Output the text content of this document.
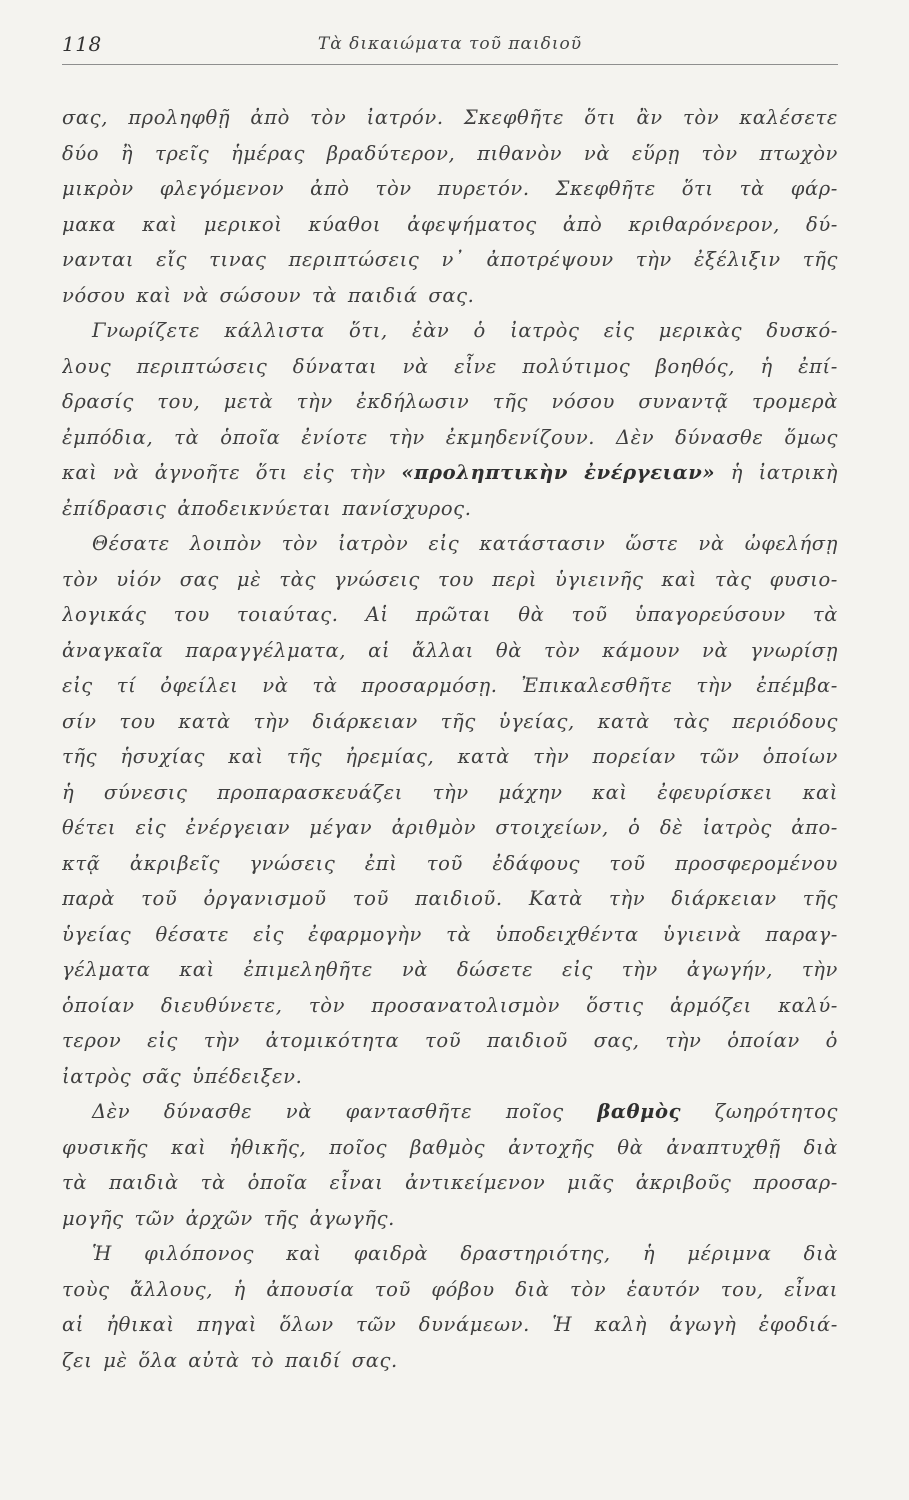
118	Τὰ δικαιώματα τοῦ παιδιοῦ
σας, προληφθῇ ἀπὸ τὸν ἰατρόν. Σκεφθῆτε ὅτι ἂν τὸν καλέσετε
δύο ἢ τρεῖς ἡμέρας βραδύτερον, πιθανὸν νὰ εὕρῃ τὸν πτωχὸν
μικρὸν φλεγόμενον ἀπὸ τὸν πυρετόν. Σκεφθῆτε ὅτι τὰ φάρ-
μακα καὶ μερικοὶ κύαθοι ἀφεψήματος ἀπὸ κριθαρόνερον, δύ-
νανται εἴς τινας περιπτώσεις ν᾿ ἀποτρέψουν τὴν ἐξέλιξιν τῆς
νόσου καὶ νὰ σώσουν τὰ παιδιά σας.
Γνωρίζετε κάλλιστα ὅτι, ἐὰν ὁ ἰατρὸς εἰς μερικὰς δυσκό-
λους περιπτώσεις δύναται νὰ εἶνε πολύτιμος βοηθός, ἡ ἐπί-
δρασίς του, μετὰ τὴν ἐκδήλωσιν τῆς νόσου συναντᾷ τρομερὰ
ἐμπόδια, τὰ ὁποῖα ἐνίοτε τὴν ἐκμηδενίζουν. Δὲν δύνασθε ὅμως
καὶ νὰ ἀγνοῆτε ὅτι εἰς τὴν «προληπτικὴν ἐνέργειαν» ἡ ἰατρικὴ
ἐπίδρασις ἀποδεικνύεται πανίσχυρος.
Θέσατε λοιπὸν τὸν ἰατρὸν εἰς κατάστασιν ὥστε νὰ ὠφελήσῃ
τὸν υἱόν σας μὲ τὰς γνώσεις του περὶ ὑγιεινῆς καὶ τὰς φυσιο-
λογικάς του τοιαύτας. Αἱ πρῶται θὰ τοῦ ὑπαγορεύσουν τὰ
ἀναγκαῖα παραγγέλματα, αἱ ἄλλαι θὰ τὸν κάμουν νὰ γνωρίσῃ
εἰς τί ὀφείλει νὰ τὰ προσαρμόσῃ. Ἐπικαλεσθῆτε τὴν ἐπέμβα-
σίν του κατὰ τὴν διάρκειαν τῆς ὑγείας, κατὰ τὰς περιόδους
τῆς ἡσυχίας καὶ τῆς ἠρεμίας, κατὰ τὴν πορείαν τῶν ὁποίων
ἡ σύνεσις προπαρασκευάζει τὴν μάχην καὶ ἐφευρίσκει καὶ
θέτει εἰς ἐνέργειαν μέγαν ἀριθμὸν στοιχείων, ὁ δὲ ἰατρὸς ἀπο-
κτᾷ ἀκριβεῖς γνώσεις ἐπὶ τοῦ ἐδάφους τοῦ προσφερομένου
παρὰ τοῦ ὀργανισμοῦ τοῦ παιδιοῦ. Κατὰ τὴν διάρκειαν τῆς
ὑγείας θέσατε εἰς ἐφαρμογὴν τὰ ὑποδειχθέντα ὑγιεινὰ παραγ-
γέλματα καὶ ἐπιμεληθῆτε νὰ δώσετε εἰς τὴν ἀγωγήν, τὴν
ὁποίαν διευθύνετε, τὸν προσανατολισμὸν ὅστις ἁρμόζει καλύ-
τερον εἰς τὴν ἀτομικότητα τοῦ παιδιοῦ σας, τὴν ὁποίαν ὁ
ἰατρὸς σᾶς ὑπέδειξεν.
Δὲν δύνασθε νὰ φαντασθῆτε ποῖος βαθμὸς ζωηρότητος
φυσικῆς καὶ ἠθικῆς, ποῖος βαθμὸς ἀντοχῆς θὰ ἀναπτυχθῇ διὰ
τὰ παιδιὰ τὰ ὁποῖα εἶναι ἀντικείμενον μιᾶς ἀκριβοῦς προσαρ-
μογῆς τῶν ἀρχῶν τῆς ἀγωγῆς.
Ἡ φιλόπονος καὶ φαιδρὰ δραστηριότης, ἡ μέριμνα διὰ
τοὺς ἄλλους, ἡ ἀπουσία τοῦ φόβου διὰ τὸν ἑαυτόν του, εἶναι
αἱ ἠθικαὶ πηγαὶ ὅλων τῶν δυνάμεων. Ἡ καλὴ ἀγωγὴ ἐφοδιά-
ζει μὲ ὅλα αὐτὰ τὸ παιδί σας.
